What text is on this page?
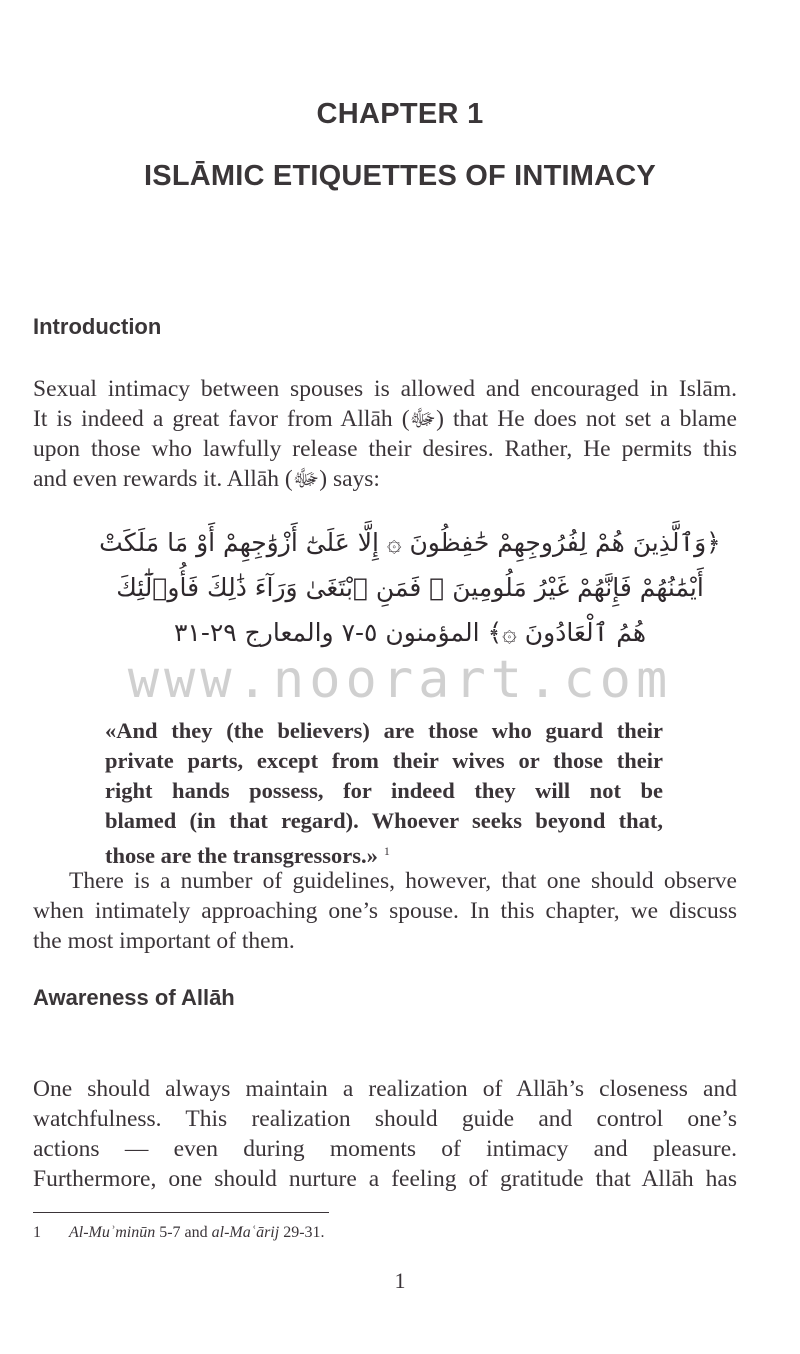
www.noorart.com
CHAPTER 1
ISLĀMIC ETIQUETTES OF INTIMACY
Introduction
Sexual intimacy between spouses is allowed and encouraged in Islām.
It is indeed a great favor from Allāh (ﷻ) that He does not set a blame
upon those who lawfully release their desires. Rather, He permits this
and even rewards it. Allāh (ﷻ) says:
﴿وَٱلَّذِينَ هُمْ لِفُرُوجِهِمْ حَٰفِظُونَ ۞ إِلَّا عَلَىٰٓ أَزْوَٰجِهِمْ أَوْ مَا مَلَكَتْ
أَيْمَٰنُهُمْ فَإِنَّهُمْ غَيْرُ مَلُومِينَ ۞ فَمَنِ ٱبْتَغَىٰ وَرَآءَ ذَٰلِكَ فَأُو۟لَٰٓئِكَ
هُمُ ٱلْعَادُونَ ۞﴾ المؤمنون ٥-٧ والمعارج ٢٩-٣١
«And they (the believers) are those who guard their
private parts, except from their wives or those their
right hands possess, for indeed they will not be
blamed (in that regard). Whoever seeks beyond that,
those are the transgressors.» $^1$
There is a number of guidelines, however, that one should observe
when intimately approaching one’s spouse. In this chapter, we discuss
the most important of them.
Awareness of Allāh
One should always maintain a realization of Allāh’s closeness and
watchfulness. This realization should guide and control one’s
actions — even during moments of intimacy and pleasure.
Furthermore, one should nurture a feeling of gratitude that Allāh has
1 Al-Muʾminūn 5-7 and al-Maʿārij 29-31.
1
